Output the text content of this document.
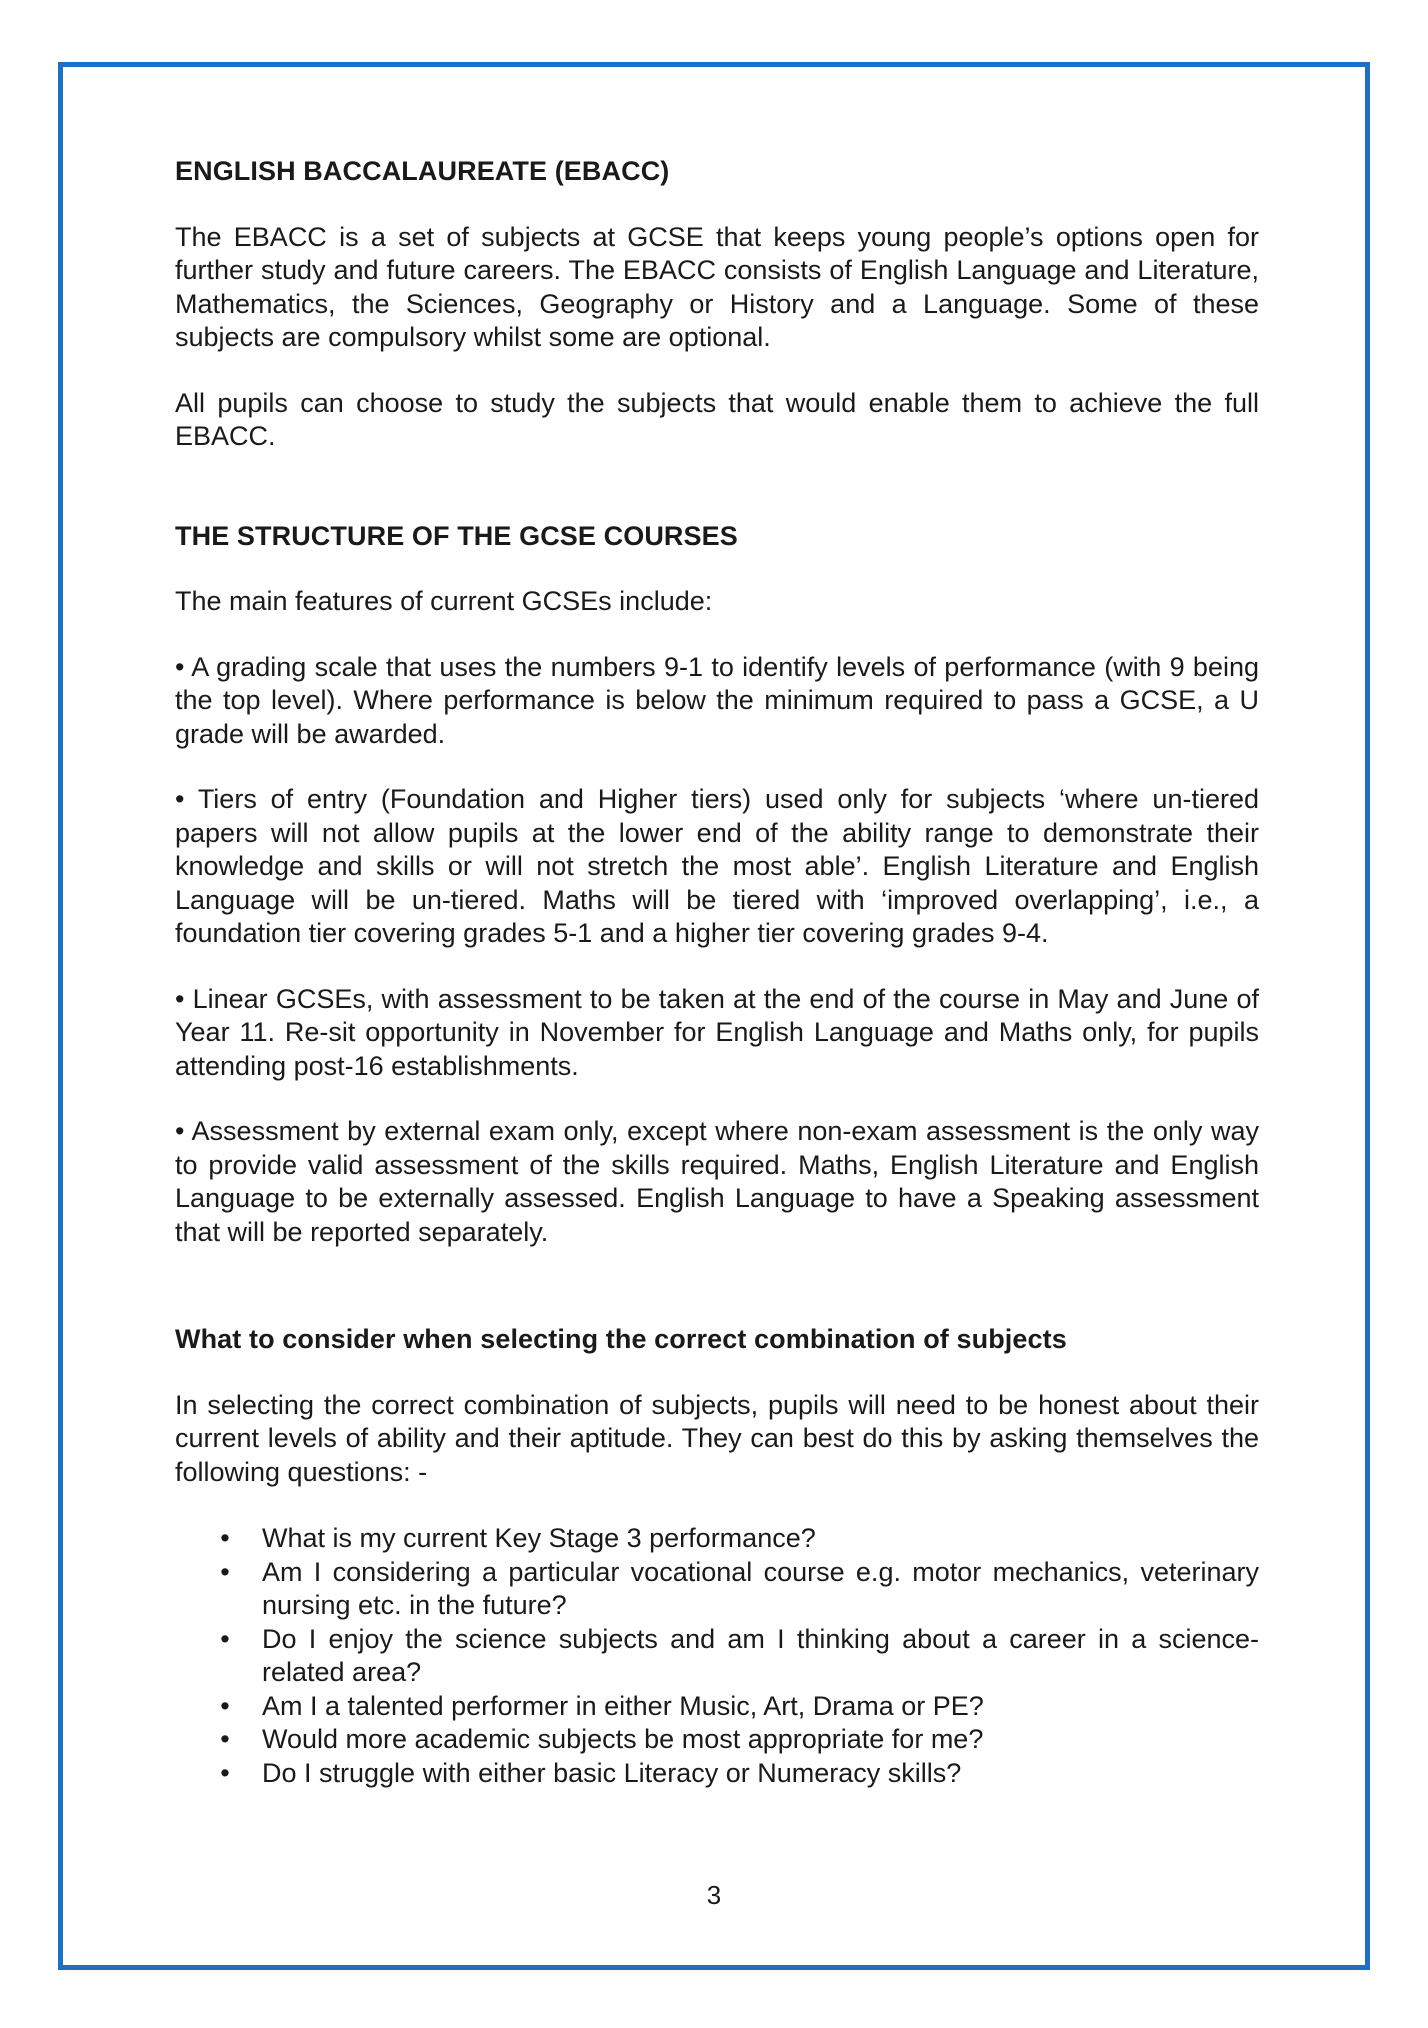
ENGLISH BACCALAUREATE (EBACC)

The EBACC is a set of subjects at GCSE that keeps young people’s options open for further study and future careers. The EBACC consists of English Language and Literature, Mathematics, the Sciences, Geography or History and a Language. Some of these subjects are compulsory whilst some are optional.

All pupils can choose to study the subjects that would enable them to achieve the full EBACC.

THE STRUCTURE OF THE GCSE COURSES

The main features of current GCSEs include:

• A grading scale that uses the numbers 9-1 to identify levels of performance (with 9 being the top level). Where performance is below the minimum required to pass a GCSE, a U grade will be awarded.

• Tiers of entry (Foundation and Higher tiers) used only for subjects ‘where un-tiered papers will not allow pupils at the lower end of the ability range to demonstrate their knowledge and skills or will not stretch the most able’. English Literature and English Language will be un-tiered. Maths will be tiered with ‘improved overlapping’, i.e., a foundation tier covering grades 5-1 and a higher tier covering grades 9-4.

• Linear GCSEs, with assessment to be taken at the end of the course in May and June of Year 11. Re-sit opportunity in November for English Language and Maths only, for pupils attending post-16 establishments.

• Assessment by external exam only, except where non-exam assessment is the only way to provide valid assessment of the skills required. Maths, English Literature and English Language to be externally assessed. English Language to have a Speaking assessment that will be reported separately.

What to consider when selecting the correct combination of subjects

In selecting the correct combination of subjects, pupils will need to be honest about their current levels of ability and their aptitude. They can best do this by asking themselves the following questions: -

• What is my current Key Stage 3 performance?
• Am I considering a particular vocational course e.g. motor mechanics, veterinary nursing etc. in the future?
• Do I enjoy the science subjects and am I thinking about a career in a science-related area?
• Am I a talented performer in either Music, Art, Drama or PE?
• Would more academic subjects be most appropriate for me?
• Do I struggle with either basic Literacy or Numeracy skills?
3
